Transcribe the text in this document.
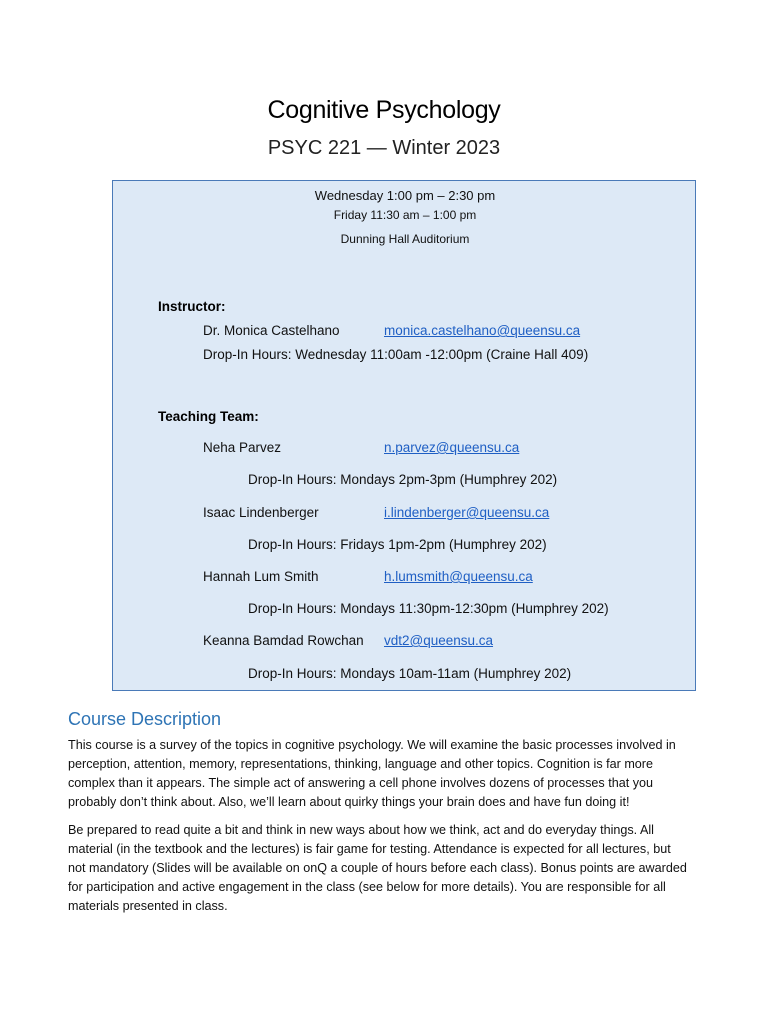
Cognitive Psychology
PSYC 221 — Winter 2023
Wednesday 1:00 pm – 2:30 pm
Friday 11:30 am – 1:00 pm
Dunning Hall Auditorium
Instructor:
Dr. Monica Castelhano	monica.castelhano@queensu.ca
Drop-In Hours: Wednesday 11:00am -12:00pm (Craine Hall 409)
Teaching Team:
Neha Parvez	n.parvez@queensu.ca
Drop-In Hours: Mondays 2pm-3pm (Humphrey 202)
Isaac Lindenberger	i.lindenberger@queensu.ca
Drop-In Hours: Fridays 1pm-2pm (Humphrey 202)
Hannah Lum Smith	h.lumsmith@queensu.ca
Drop-In Hours: Mondays 11:30pm-12:30pm (Humphrey 202)
Keanna Bamdad Rowchan vdt2@queensu.ca
Drop-In Hours: Mondays 10am-11am (Humphrey 202)
Course Description

This course is a survey of the topics in cognitive psychology. We will examine the basic processes involved in perception, attention, memory, representations, thinking, language and other topics. Cognition is far more complex than it appears. The simple act of answering a cell phone involves dozens of processes that you probably don’t think about. Also, we’ll learn about quirky things your brain does and have fun doing it!

Be prepared to read quite a bit and think in new ways about how we think, act and do everyday things. All material (in the textbook and the lectures) is fair game for testing. Attendance is expected for all lectures, but not mandatory (Slides will be available on onQ a couple of hours before each class). Bonus points are awarded for participation and active engagement in the class (see below for more details). You are responsible for all materials presented in class.
